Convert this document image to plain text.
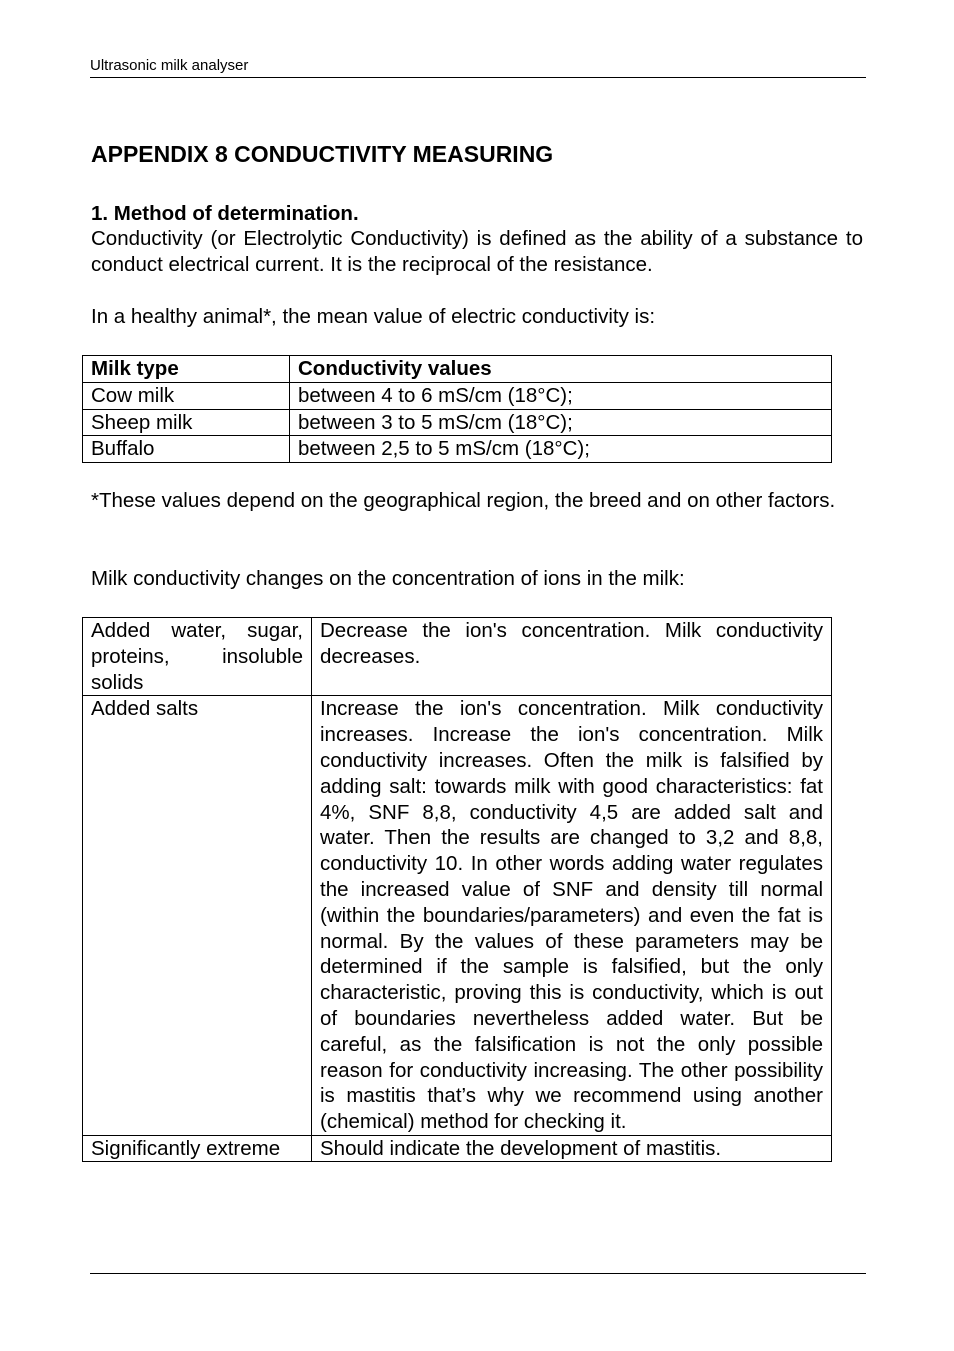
Ultrasonic milk analyser
APPENDIX 8 CONDUCTIVITY MEASURING

1. Method of determination.

Conductivity (or Electrolytic Conductivity) is defined as the ability of a substance to conduct electrical current. It is the reciprocal of the resistance.

In a healthy animal*, the mean value of electric conductivity is:

Milk type	Conductivity values
Cow milk	between 4 to 6 mS/cm (18°C);
Sheep milk	between 3 to 5 mS/cm (18°C);
Buffalo	between 2,5 to 5 mS/cm (18°C);

*These values depend on the geographical region, the breed and on other factors.

Milk conductivity changes on the concentration of ions in the milk:

Added water, sugar, proteins, insoluble solids	Decrease the ion's concentration. Milk conductivity decreases.
Added salts	Increase the ion's concentration. Milk conductivity increases. Increase the ion's concentration. Milk conductivity increases. Often the milk is falsified by adding salt: towards milk with good characteristics: fat 4%, SNF 8,8, conductivity 4,5 are added salt and water. Then the results are changed to 3,2 and 8,8, conductivity 10. In other words adding water regulates the increased value of SNF and density till normal (within the boundaries/parameters) and even the fat is normal. By the values of these parameters may be determined if the sample is falsified, but the only characteristic, proving this is conductivity, which is out of boundaries nevertheless added water. But be careful, as the falsification is not the only possible reason for conductivity increasing. The other possibility is mastitis that’s why we recommend using another (chemical) method for checking it.

Significantly extreme	Should indicate the development of mastitis.
